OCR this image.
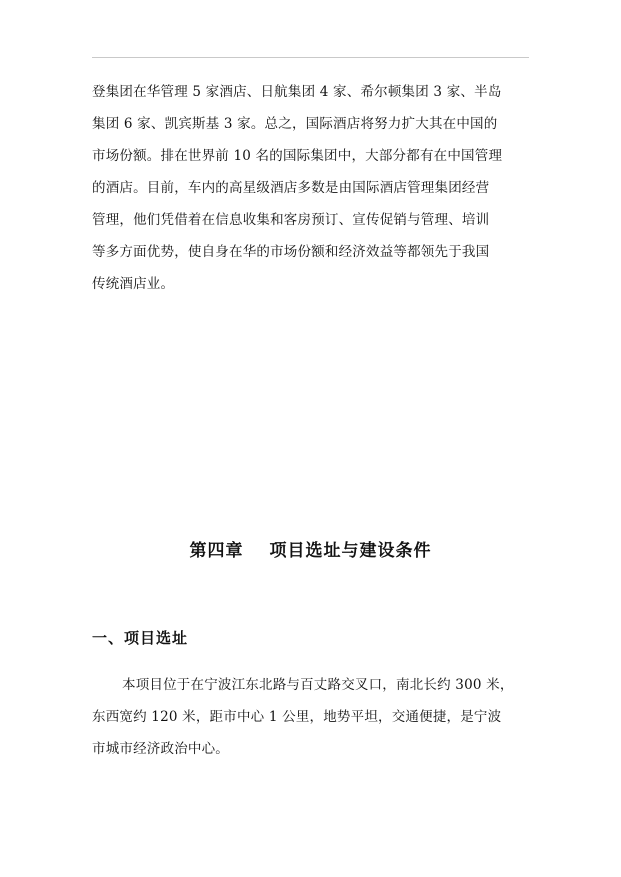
登集团在华管理 5 家酒店、日航集团 4 家、希尔顿集团 3 家、半岛
集团 6 家、凯宾斯基 3 家。总之，国际酒店将努力扩大其在中国的
市场份额。排在世界前 10 名的国际集团中，大部分都有在中国管理
的酒店。目前，车内的高星级酒店多数是由国际酒店管理集团经营
管理，他们凭借着在信息收集和客房预订、宣传促销与管理、培训
等多方面优势，使自身在华的市场份额和经济效益等都领先于我国
传统酒店业。
第四章 项目选址与建设条件
一、项目选址
本项目位于在宁波江东北路与百丈路交叉口，南北长约 300 米，
东西宽约 120 米，距市中心 1 公里，地势平坦，交通便捷，是宁波
市城市经济政治中心。
